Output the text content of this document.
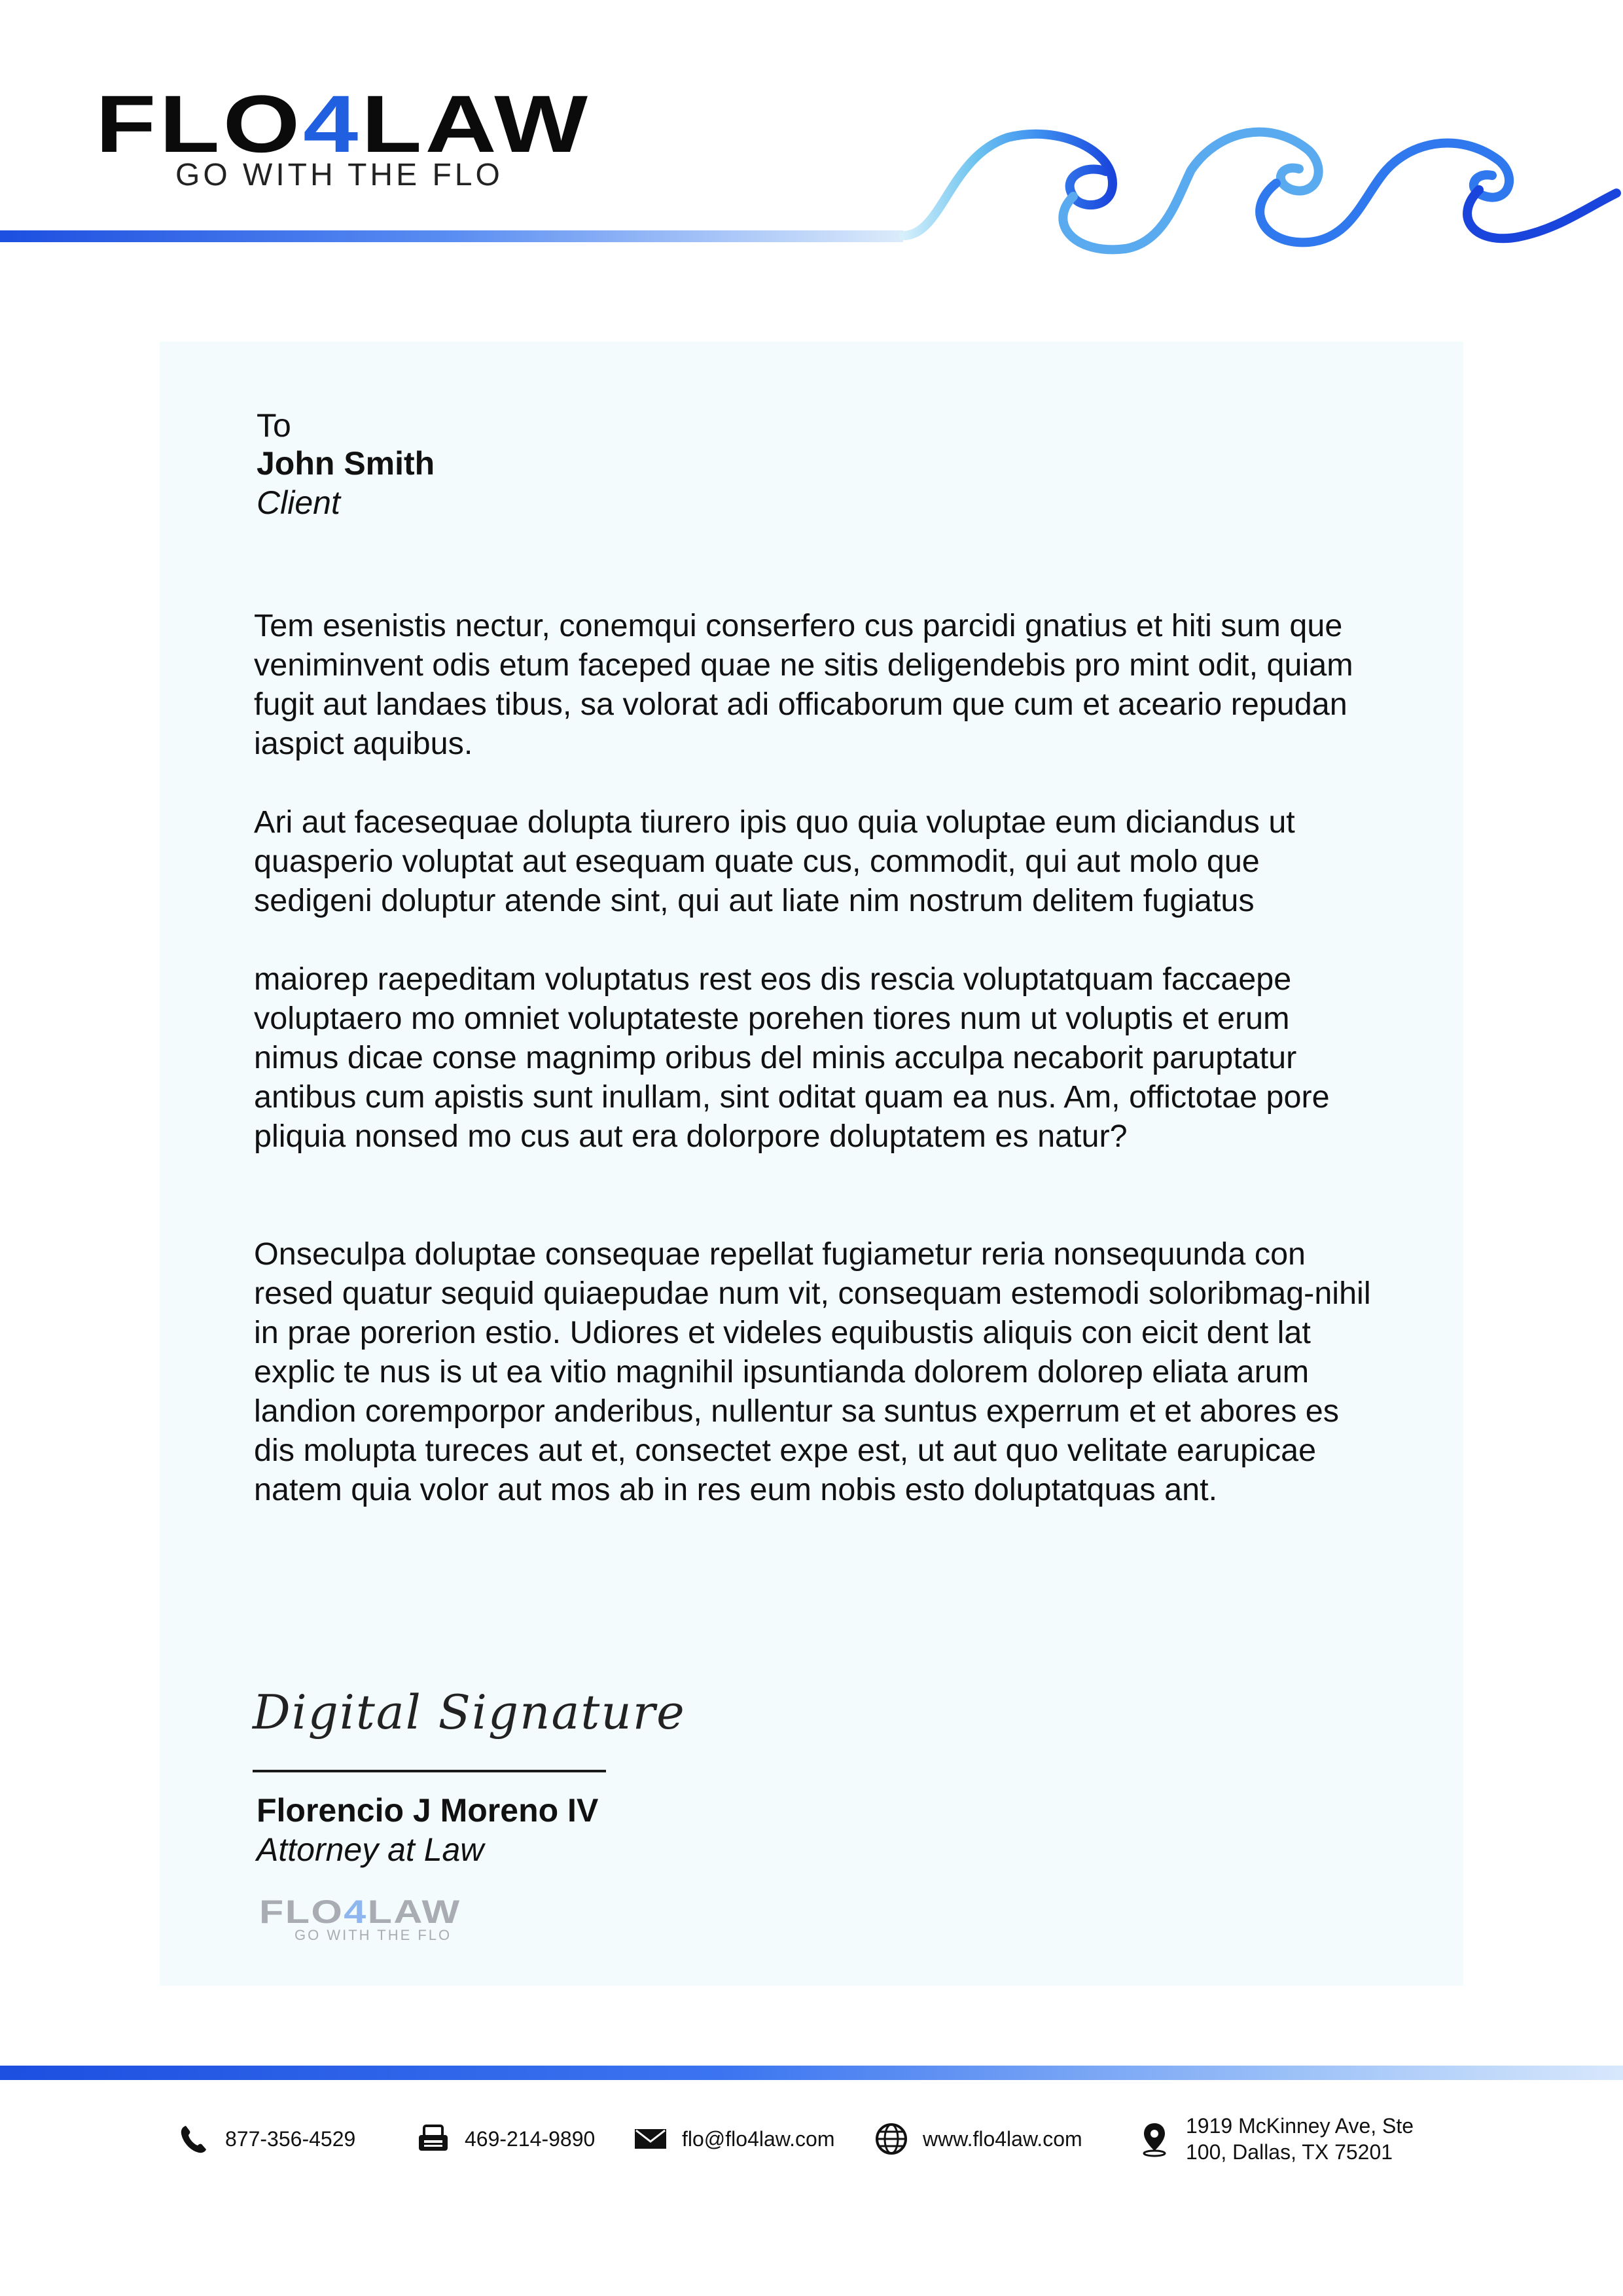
FLO4LAW
GO WITH THE FLO
To
John Smith
Client

Tem esenistis nectur, conemqui conserfero cus parcidi gnatius et hiti sum que veniminvent odis etum faceped quae ne sitis deligendebis pro mint odit, quiam fugit aut landaes tibus, sa volorat adi officaborum que cum et aceario repudan iaspict aquibus.

Ari aut facesequae dolupta tiurero ipis quo quia voluptae eum diciandus ut quasperio voluptat aut esequam quate cus, commodit, qui aut molo que sedigeni doluptur atende sint, qui aut liate nim nostrum delitem fugiatus

maiorep raepeditam voluptatus rest eos dis rescia voluptatquam faccaepe voluptaero mo omniet voluptateste porehen tiores num ut voluptis et erum nimus dicae conse magnimp oribus del minis acculpa necaborit paruptatur antibus cum apistis sunt inullam, sint oditat quam ea nus. Am, offictotae pore pliquia nonsed mo cus aut era dolorpore doluptatem es natur?

Onseculpa doluptae consequae repellat fugiametur reria nonsequunda con resed quatur sequid quiaepudae num vit, consequam estemodi soloribmag-nihil in prae porerion estio. Udiores et videles equibustis aliquis con eicit dent lat explic te nus is ut ea vitio magnihil ipsuntianda dolorem dolorep eliata arum landion coremporpor anderibus, nullentur sa suntus experrum et et abores es dis molupta tureces aut et, consectet expe est, ut aut quo velitate earupicae natem quia volor aut mos ab in res eum nobis esto doluptatquas ant.

Digital Signature
Florencio J Moreno IV
Attorney at Law
FLO4LAW
GO WITH THE FLO
877-356-4529	469-214-9890	flo@flo4law.com	www.flo4law.com
1919 McKinney Ave, Ste 100, Dallas, TX 75201
